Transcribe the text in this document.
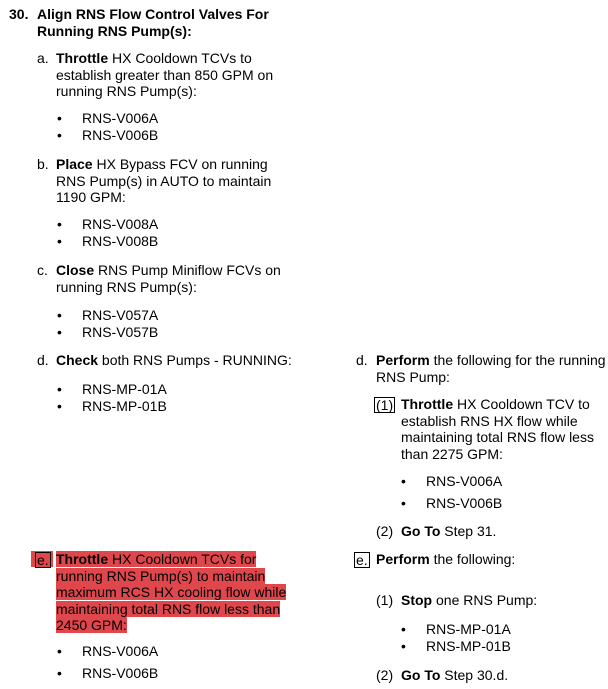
30. Align RNS Flow Control Valves For
Running RNS Pump(s):
a. Throttle HX Cooldown TCVs to
establish greater than 850 GPM on
running RNS Pump(s):
•	RNS-V006A
•	RNS-V006B
b. Place HX Bypass FCV on running
RNS Pump(s) in AUTO to maintain
1190 GPM:
•	RNS-V008A
•	RNS-V008B
c. Close RNS Pump Miniflow FCVs on
running RNS Pump(s):
•	RNS-V057A
•	RNS-V057B
d. Check both RNS Pumps - RUNNING:
•	RNS-MP-01A
•	RNS-MP-01B
e. Throttle HX Cooldown TCVs for
running RNS Pump(s) to maintain
maximum RCS HX cooling flow while
maintaining total RNS flow less than
2450 GPM:
•	RNS-V006A
•	RNS-V006B
d. Perform the following for the running
RNS Pump:
(1) Throttle HX Cooldown TCV to
establish RNS HX flow while
maintaining total RNS flow less
than 2275 GPM:
•	RNS-V006A
•	RNS-V006B
(2) Go To Step 31.
e. Perform the following:
(1) Stop one RNS Pump:
•	RNS-MP-01A
•	RNS-MP-01B
(2) Go To Step 30.d.
